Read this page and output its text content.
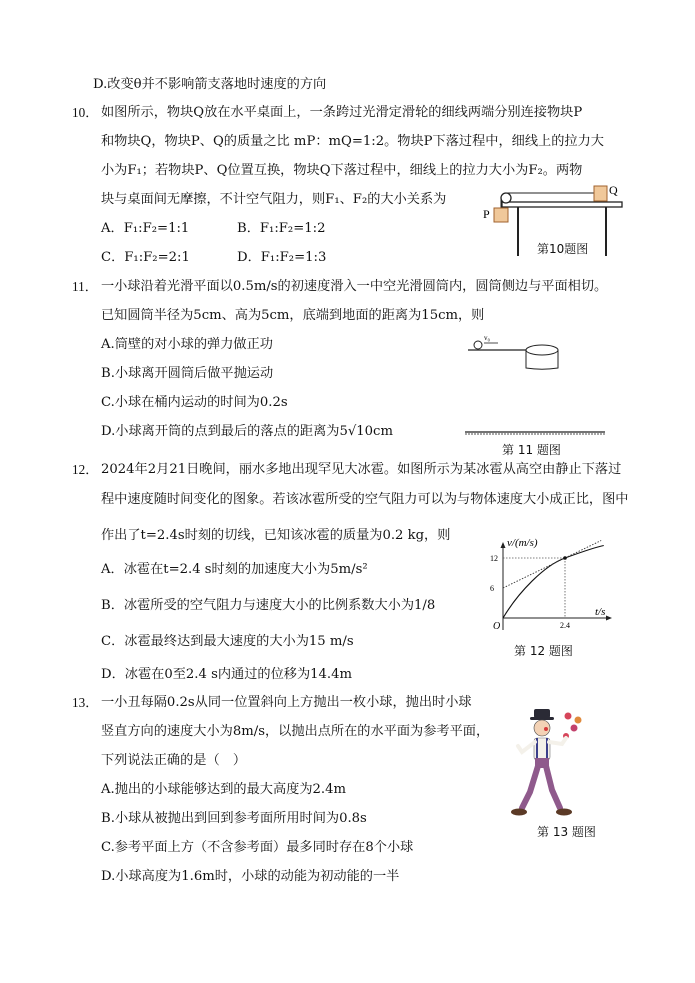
D.改变θ并不影响箭支落地时速度的方向
10． 如图所示，物块Q放在水平桌面上，一条跨过光滑定滑轮的细线两端分别连接物块P
和物块Q，物块P、Q的质量之比 mP：mQ=1:2。物块P下落过程中，细线上的拉力大
小为F₁；若物块P、Q位置互换，物块Q下落过程中，细线上的拉力大小为F₂。两物
块与桌面间无摩擦，不计空气阻力，则F₁、F₂的大小关系为
A．F₁:F₂=1:1	B．F₁:F₂=1:2
C．F₁:F₂=2:1	D．F₁:F₂=1:3
Q
P
第10题图
11． 一小球沿着光滑平面以0.5m/s的初速度滑入一中空光滑圆筒内，圆筒侧边与平面相切。
已知圆筒半径为5cm、高为5cm，底端到地面的距离为15cm，则
A.筒壁的对小球的弹力做正功
B.小球离开圆筒后做平抛运动
C.小球在桶内运动的时间为0.2s
D.小球离开筒的点到最后的落点的距离为5√10cm
v₀
第 11 题图
12． 2024年2月21日晚间，丽水多地出现罕见大冰雹。如图所示为某冰雹从高空由静止下落过
程中速度随时间变化的图象。若该冰雹所受的空气阻力可以为与物体速度大小成正比，图中
作出了t=2.4s时刻的切线，已知该冰雹的质量为0.2 kg，则
A．冰雹在t=2.4 s时刻的加速度大小为5m/s²
B．冰雹所受的空气阻力与速度大小的比例系数大小为1/8
C．冰雹最终达到最大速度的大小为15 m/s
D．冰雹在0至2.4 s内通过的位移为14.4m
v/(m/s)
t/s
O
12
6
2.4
第 12 题图
13． 一小丑每隔0.2s从同一位置斜向上方抛出一枚小球，抛出时小球
竖直方向的速度大小为8m/s，以抛出点所在的水平面为参考平面，
下列说法正确的是（　）
A.抛出的小球能够达到的最大高度为2.4m
B.小球从被抛出到回到参考面所用时间为0.8s
C.参考平面上方（不含参考面）最多同时存在8个小球
D.小球高度为1.6m时，小球的动能为初动能的一半
第 13 题图
